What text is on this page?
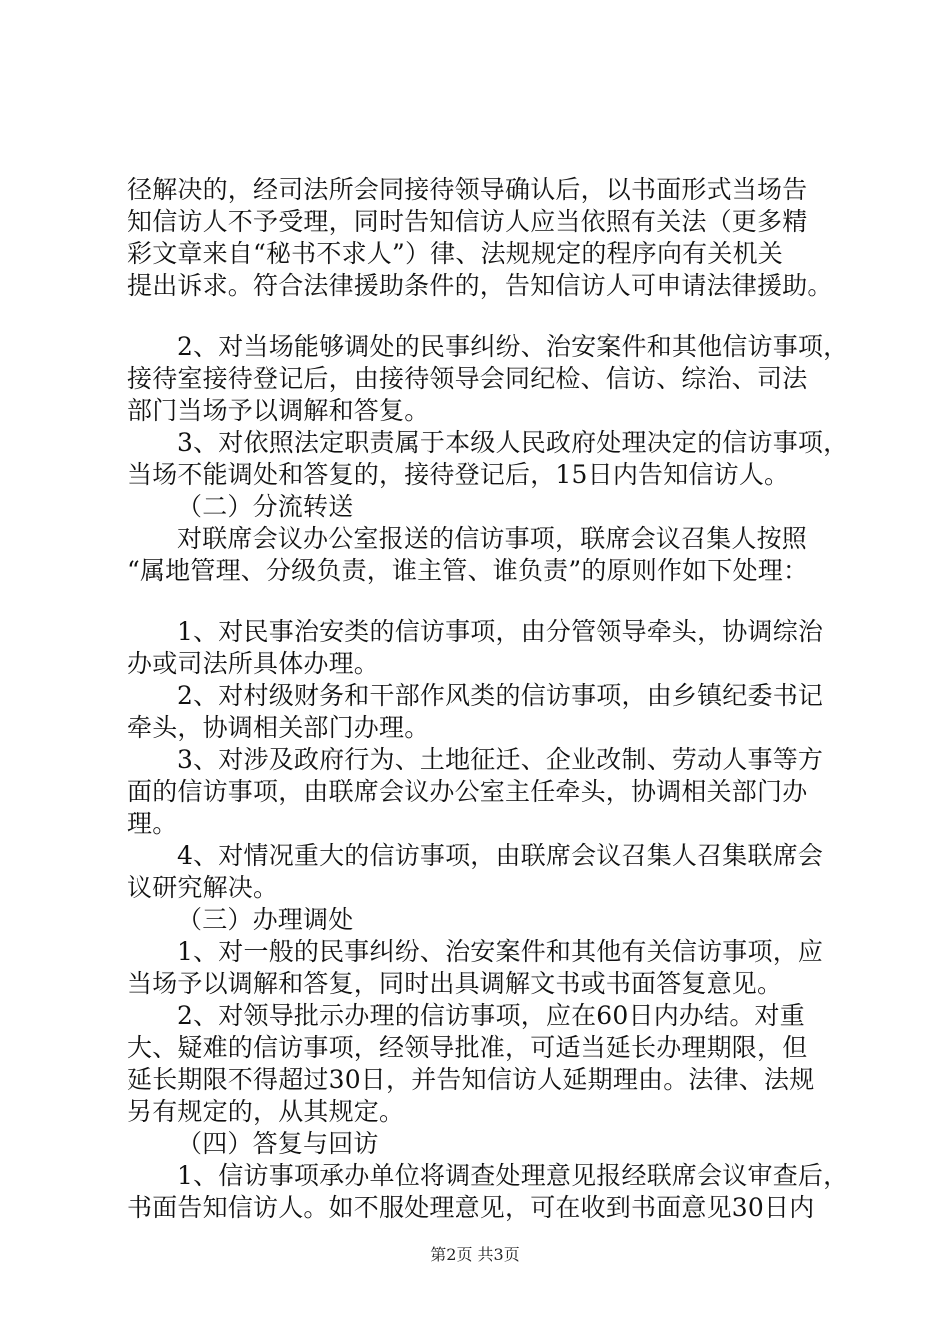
径解决的，经司法所会同接待领导确认后，以书面形式当场告
知信访人不予受理，同时告知信访人应当依照有关法（更多精
彩文章来自“秘书不求人”）律、法规规定的程序向有关机关
提出诉求。符合法律援助条件的，告知信访人可申请法律援助。
2、对当场能够调处的民事纠纷、治安案件和其他信访事项，
接待室接待登记后，由接待领导会同纪检、信访、综治、司法
部门当场予以调解和答复。
3、对依照法定职责属于本级人民政府处理决定的信访事项，
当场不能调处和答复的，接待登记后，15日内告知信访人。
（二）分流转送
对联席会议办公室报送的信访事项，联席会议召集人按照
“属地管理、分级负责，谁主管、谁负责”的原则作如下处理：
1、对民事治安类的信访事项，由分管领导牵头，协调综治
办或司法所具体办理。
2、对村级财务和干部作风类的信访事项，由乡镇纪委书记
牵头，协调相关部门办理。
3、对涉及政府行为、土地征迁、企业改制、劳动人事等方
面的信访事项，由联席会议办公室主任牵头，协调相关部门办
理。
4、对情况重大的信访事项，由联席会议召集人召集联席会
议研究解决。
（三）办理调处
1、对一般的民事纠纷、治安案件和其他有关信访事项，应
当场予以调解和答复，同时出具调解文书或书面答复意见。
2、对领导批示办理的信访事项，应在60日内办结。对重
大、疑难的信访事项，经领导批准，可适当延长办理期限，但
延长期限不得超过30日，并告知信访人延期理由。法律、法规
另有规定的，从其规定。
（四）答复与回访
1、信访事项承办单位将调查处理意见报经联席会议审查后，
书面告知信访人。如不服处理意见，可在收到书面意见30日内
第2页 共3页
